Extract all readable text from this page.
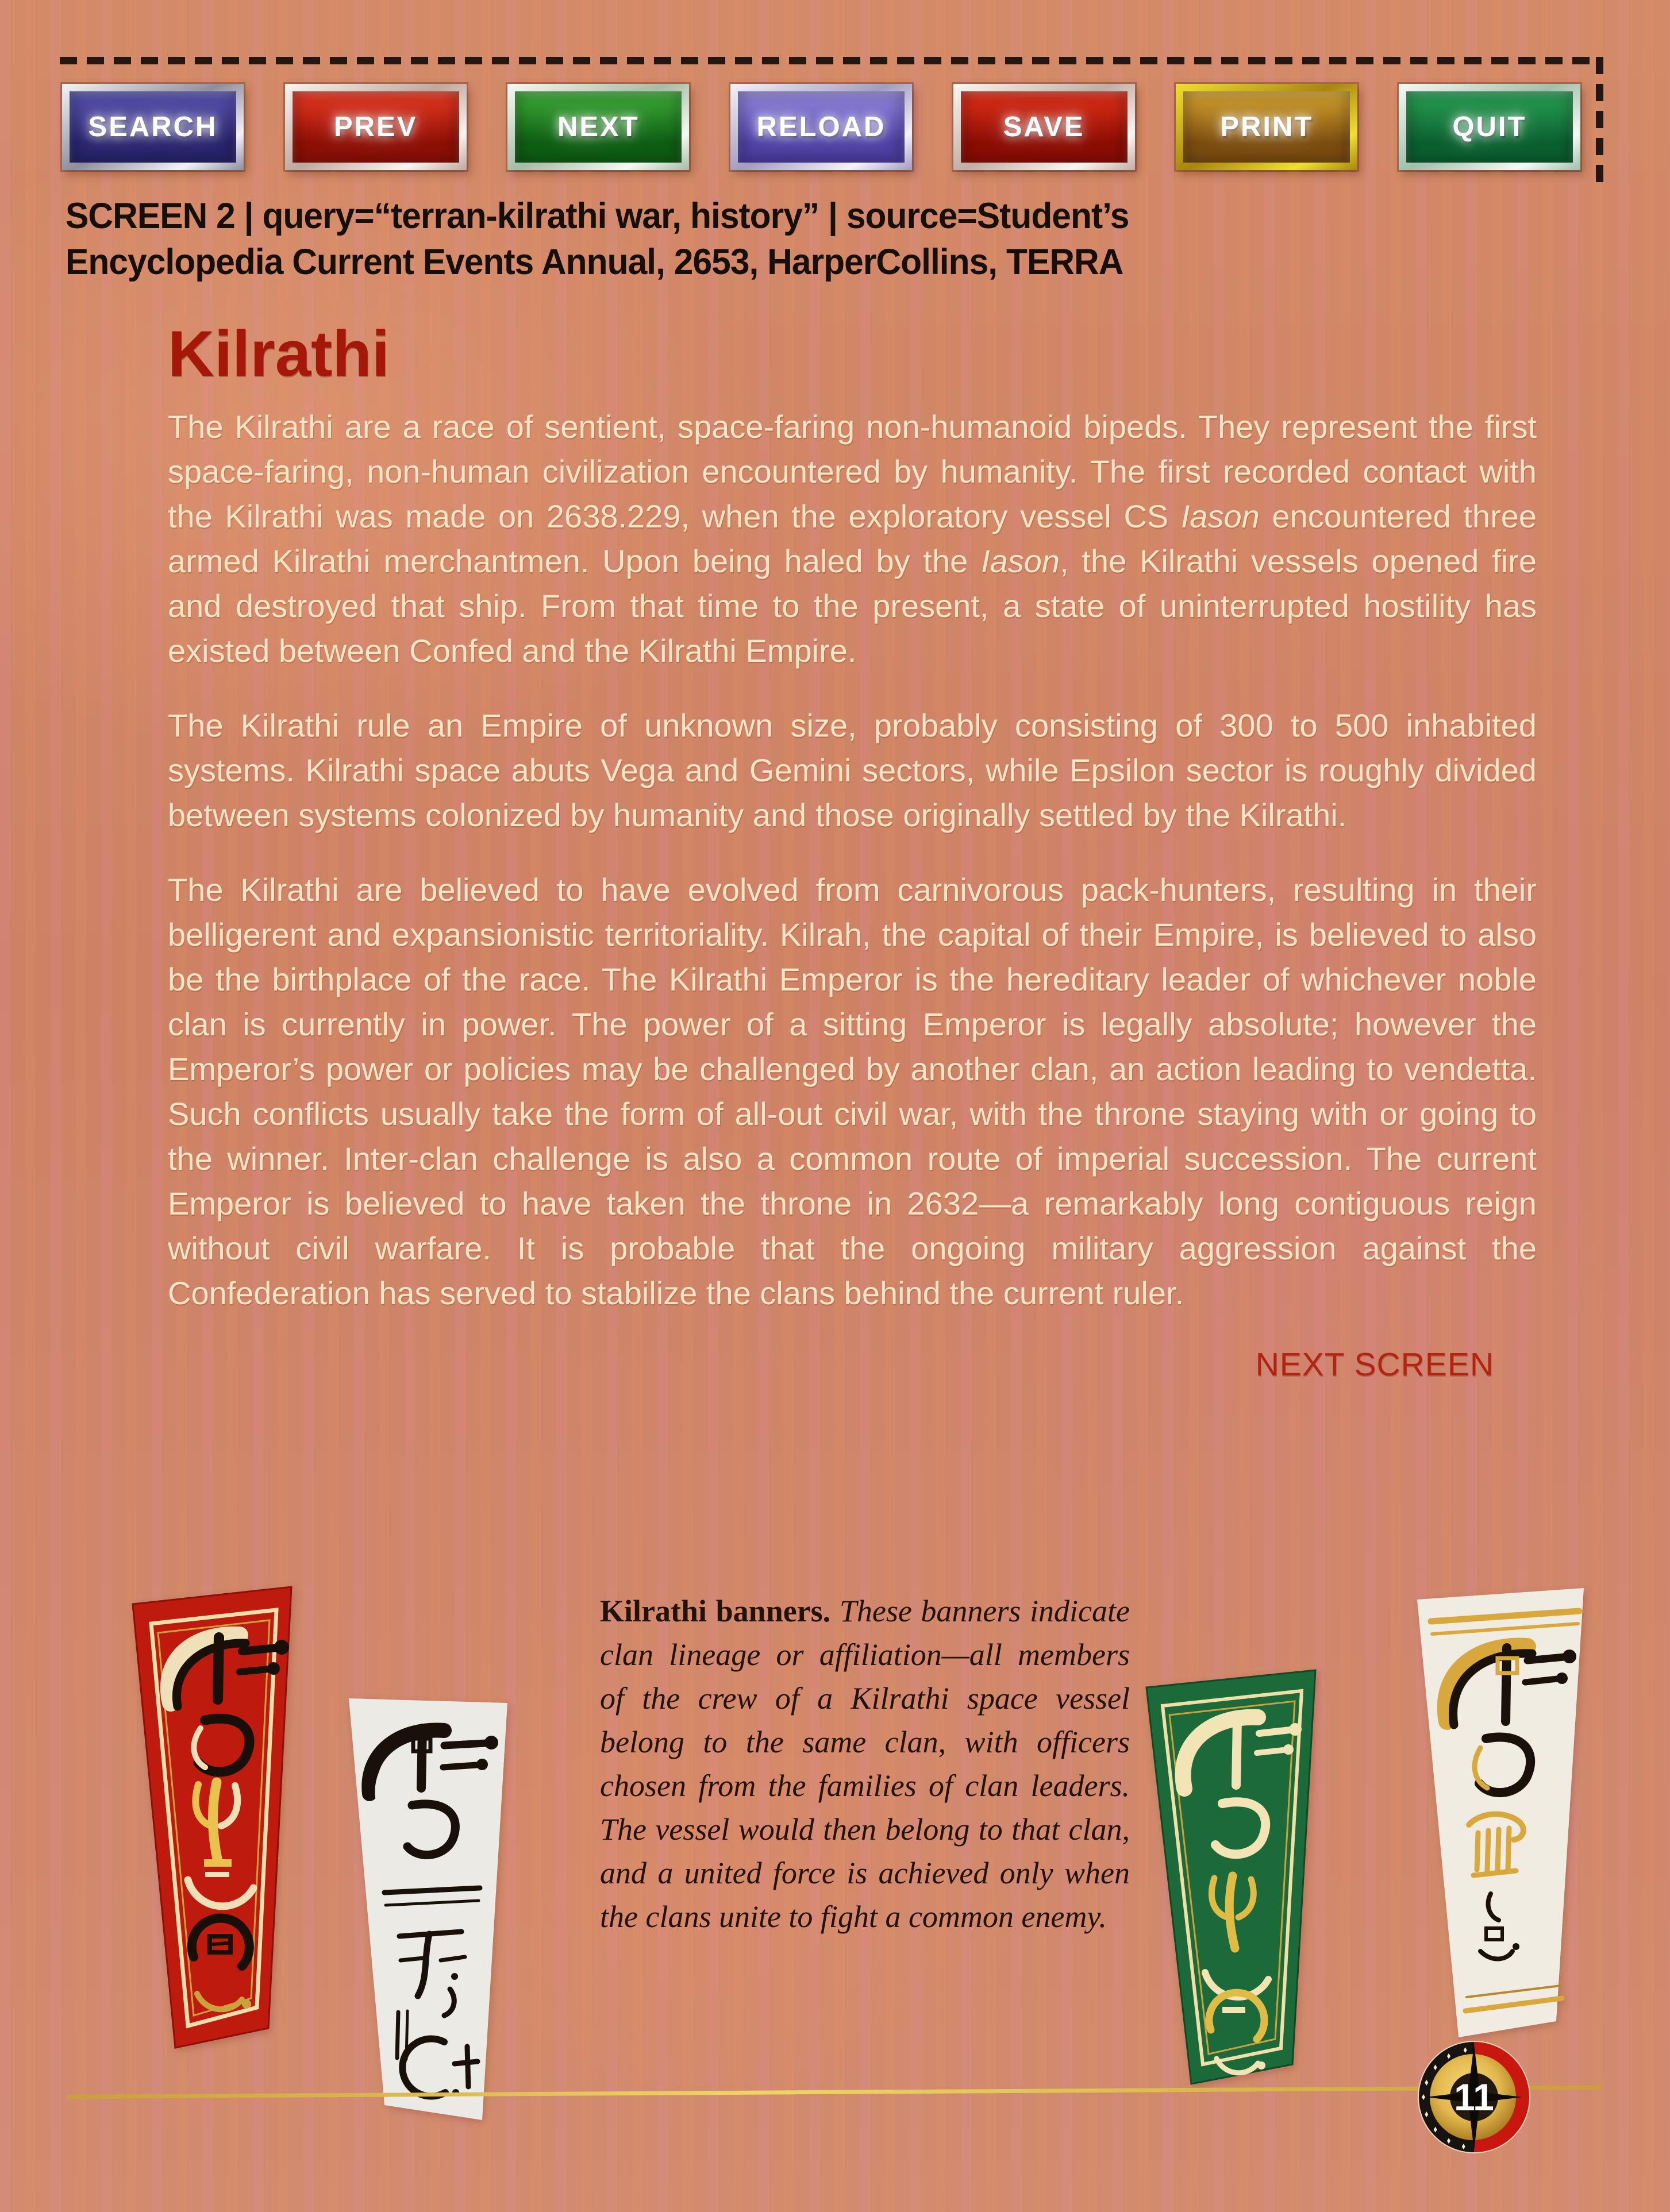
SEARCH	PREV	NEXT	RELOAD	SAVE	PRINT	QUIT
SCREEN 2 | query=“terran-kilrathi war, history” | source=Student’s
Encyclopedia Current Events Annual, 2653, HarperCollins, TERRA
Kilrathi

The Kilrathi are a race of sentient, space-faring non-humanoid bipeds. They represent the first space-faring, non-human civilization encountered by humanity. The first recorded contact with the Kilrathi was made on 2638.229, when the exploratory vessel CS Iason encountered three armed Kilrathi merchantmen. Upon being haled by the Iason, the Kilrathi vessels opened fire and destroyed that ship. From that time to the present, a state of uninterrupted hostility has existed between Confed and the Kilrathi Empire.

The Kilrathi rule an Empire of unknown size, probably consisting of 300 to 500 inhabited systems. Kilrathi space abuts Vega and Gemini sectors, while Epsilon sector is roughly divided between systems colonized by humanity and those originally settled by the Kilrathi.

The Kilrathi are believed to have evolved from carnivorous pack-hunters, resulting in their belligerent and expansionistic territoriality. Kilrah, the capital of their Empire, is believed to also be the birthplace of the race. The Kilrathi Emperor is the hereditary leader of whichever noble clan is currently in power. The power of a sitting Emperor is legally absolute; however the Emperor’s power or policies may be challenged by another clan, an action leading to vendetta. Such conflicts usually take the form of all-out civil war, with the throne staying with or going to the winner. Inter-clan challenge is also a common route of imperial succession. The current Emperor is believed to have taken the throne in 2632—a remarkably long contiguous reign without civil warfare. It is probable that the ongoing military aggression against the Confederation has served to stabilize the clans behind the current ruler.

NEXT SCREEN
Kilrathi banners. These banners indicate clan lineage or affiliation—all members of the crew of a Kilrathi space vessel belong to the same clan, with officers chosen from the families of clan leaders. The vessel would then belong to that clan, and a united force is achieved only when the clans unite to fight a common enemy.
11
